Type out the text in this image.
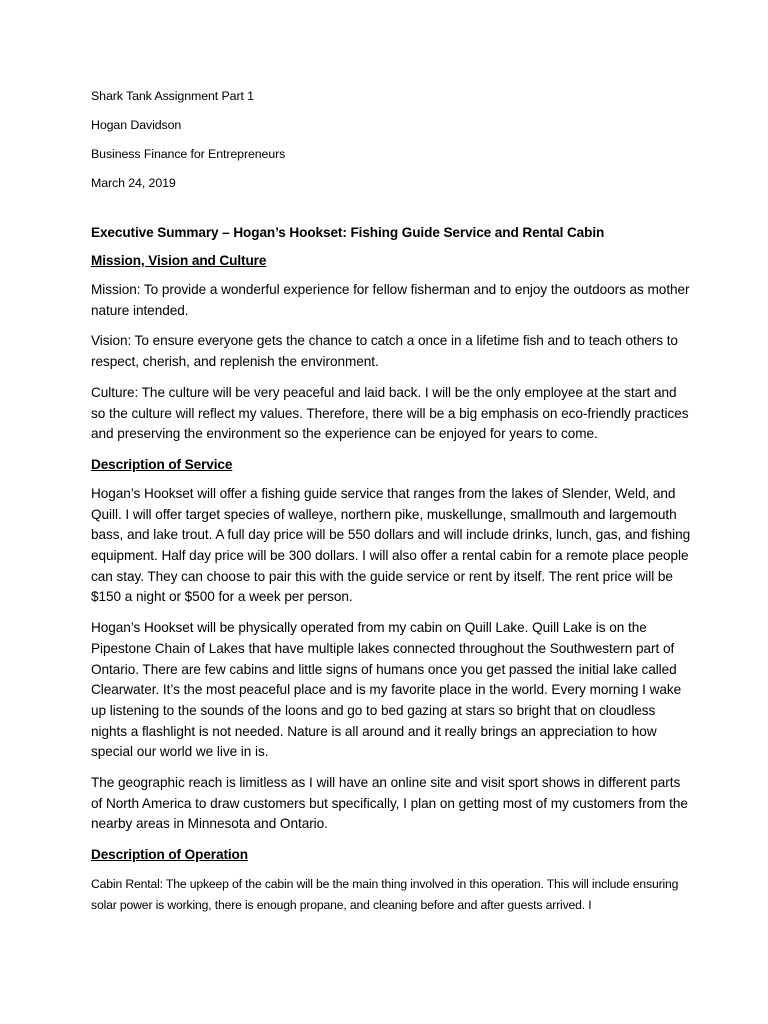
Shark Tank Assignment Part 1
Hogan Davidson
Business Finance for Entrepreneurs
March 24, 2019
Executive Summary – Hogan’s Hookset: Fishing Guide Service and Rental Cabin
Mission, Vision and Culture

Mission: To provide a wonderful experience for fellow fisherman and to enjoy the outdoors as mother nature intended.

Vision: To ensure everyone gets the chance to catch a once in a lifetime fish and to teach others to respect, cherish, and replenish the environment.

Culture: The culture will be very peaceful and laid back. I will be the only employee at the start and so the culture will reflect my values. Therefore, there will be a big emphasis on eco-friendly practices and preserving the environment so the experience can be enjoyed for years to come.

Description of Service

Hogan’s Hookset will offer a fishing guide service that ranges from the lakes of Slender, Weld, and Quill. I will offer target species of walleye, northern pike, muskellunge, smallmouth and largemouth bass, and lake trout. A full day price will be 550 dollars and will include drinks, lunch, gas, and fishing equipment. Half day price will be 300 dollars. I will also offer a rental cabin for a remote place people can stay. They can choose to pair this with the guide service or rent by itself. The rent price will be $150 a night or $500 for a week per person.

Hogan’s Hookset will be physically operated from my cabin on Quill Lake. Quill Lake is on the Pipestone Chain of Lakes that have multiple lakes connected throughout the Southwestern part of Ontario. There are few cabins and little signs of humans once you get passed the initial lake called Clearwater. It’s the most peaceful place and is my favorite place in the world. Every morning I wake up listening to the sounds of the loons and go to bed gazing at stars so bright that on cloudless nights a flashlight is not needed. Nature is all around and it really brings an appreciation to how special our world we live in is.

The geographic reach is limitless as I will have an online site and visit sport shows in different parts of North America to draw customers but specifically, I plan on getting most of my customers from the nearby areas in Minnesota and Ontario.

Description of Operation

Cabin Rental: The upkeep of the cabin will be the main thing involved in this operation. This will include ensuring solar power is working, there is enough propane, and cleaning before and after guests arrived. I
